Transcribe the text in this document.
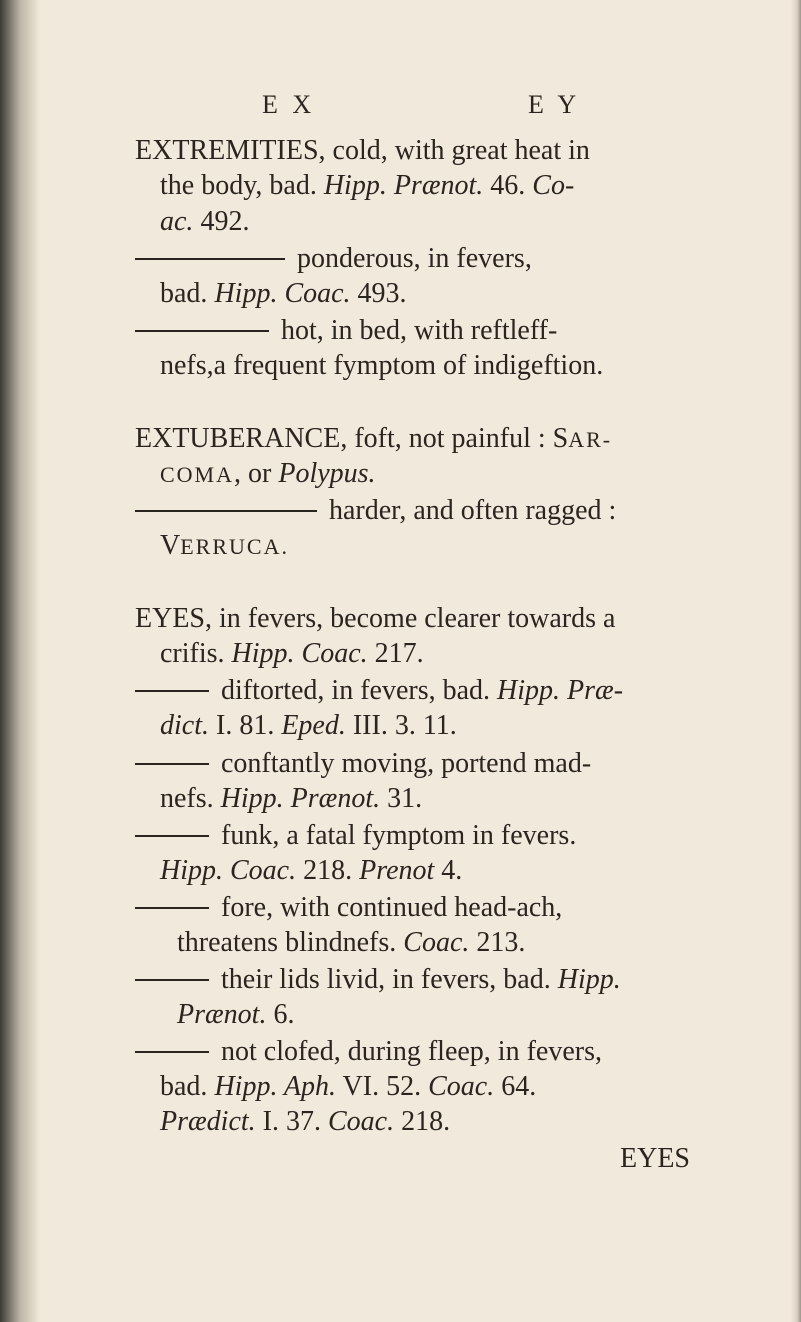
E X	E Y
EXTREMITIES, cold, with great heat in
the body, bad. Hipp. Prænot. 46. Co-
ac. 492.
ponderous, in fevers,
bad. Hipp. Coac. 493.
hot, in bed, with reftleff-
nefs,a frequent fymptom of indigeftion.
EXTUBERANCE, foft, not painful : SAR-
COMA, or Polypus.
harder, and often ragged :
VERRUCA.
EYES, in fevers, become clearer towards a
crifis. Hipp. Coac. 217.
diftorted, in fevers, bad. Hipp. Præ-
dict. I. 81. Eped. III. 3. 11.
conftantly moving, portend mad-
nefs. Hipp. Prænot. 31.
funk, a fatal fymptom in fevers.
Hipp. Coac. 218. Prenot 4.
fore, with continued head-ach,
threatens blindnefs. Coac. 213.
their lids livid, in fevers, bad. Hipp.
Prænot. 6.
not clofed, during fleep, in fevers,
bad. Hipp. Aph. VI. 52. Coac. 64.
Prædict. I. 37. Coac. 218.
EYES
